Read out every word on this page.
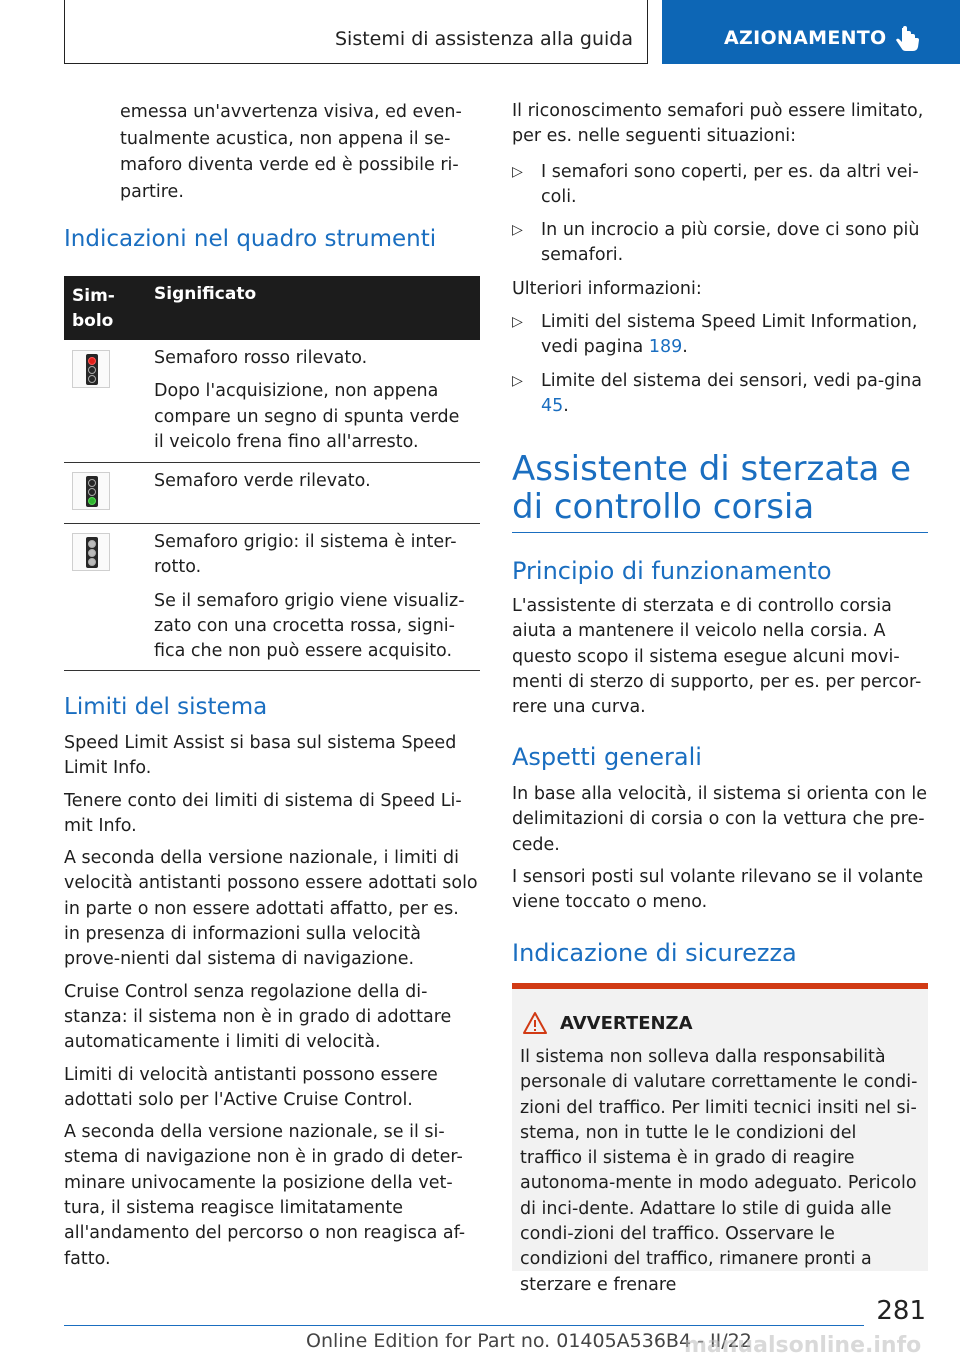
Sistemi di assistenza alla guida	AZIONAMENTO

emessa un'avvertenza visiva, ed even-tualmente acustica, non appena il se-maforo diventa verde ed è possibile ri-partire.

Indicazioni nel quadro strumenti
Sim-
bolo
Significato

Semaforo rosso rilevato.

Dopo l'acquisizione, non appena compare un segno di spunta verde il veicolo frena fino all'arresto.

Semaforo verde rilevato.

Semaforo grigio: il sistema è inter-rotto.

Se il semaforo grigio viene visualiz-zato con una crocetta rossa, signi-fica che non può essere acquisito.

Limiti del sistema

Speed Limit Assist si basa sul sistema Speed Limit Info.

Tenere conto dei limiti di sistema di Speed Li-mit Info.

A seconda della versione nazionale, i limiti di velocità antistanti possono essere adottati solo in parte o non essere adottati affatto, per es. in presenza di informazioni sulla velocità prove-nienti dal sistema di navigazione.

Cruise Control senza regolazione della di-stanza: il sistema non è in grado di adottare automaticamente i limiti di velocità.

Limiti di velocità antistanti possono essere adottati solo per l'Active Cruise Control.

A seconda della versione nazionale, se il si-stema di navigazione non è in grado di deter-minare univocamente la posizione della vet-tura, il sistema reagisce limitatamente all'andamento del percorso o non reagisca af-fatto.

Il riconoscimento semafori può essere limitato, per es. nelle seguenti situazioni:

▷ I semafori sono coperti, per es. da altri vei-coli.

▷ In un incrocio a più corsie, dove ci sono più semafori.

Ulteriori informazioni:

▷ Limiti del sistema Speed Limit Information, vedi pagina 189.

▷ Limite del sistema dei sensori, vedi pa-gina 45.

Assistente di sterzata e di controllo corsia
Principio di funzionamento

L'assistente di sterzata e di controllo corsia aiuta a mantenere il veicolo nella corsia. A questo scopo il sistema esegue alcuni movi-menti di sterzo di supporto, per es. per percor-rere una curva.

Aspetti generali

In base alla velocità, il sistema si orienta con le delimitazioni di corsia o con la vettura che pre-cede.

I sensori posti sul volante rilevano se il volante viene toccato o meno.

Indicazione di sicurezza
AVVERTENZA
Il sistema non solleva dalla responsabilità personale di valutare correttamente le condi-zioni del traffico. Per limiti tecnici insiti nel si-stema, non in tutte le le condizioni del traffico il sistema è in grado di reagire autonoma-mente in modo adeguato. Pericolo di inci-dente. Adattare lo stile di guida alle condi-zioni del traffico. Osservare le condizioni del traffico, rimanere pronti a sterzare e frenare
281
Online Edition for Part no. 01405A536B4 - II/22
manualsonline.info
